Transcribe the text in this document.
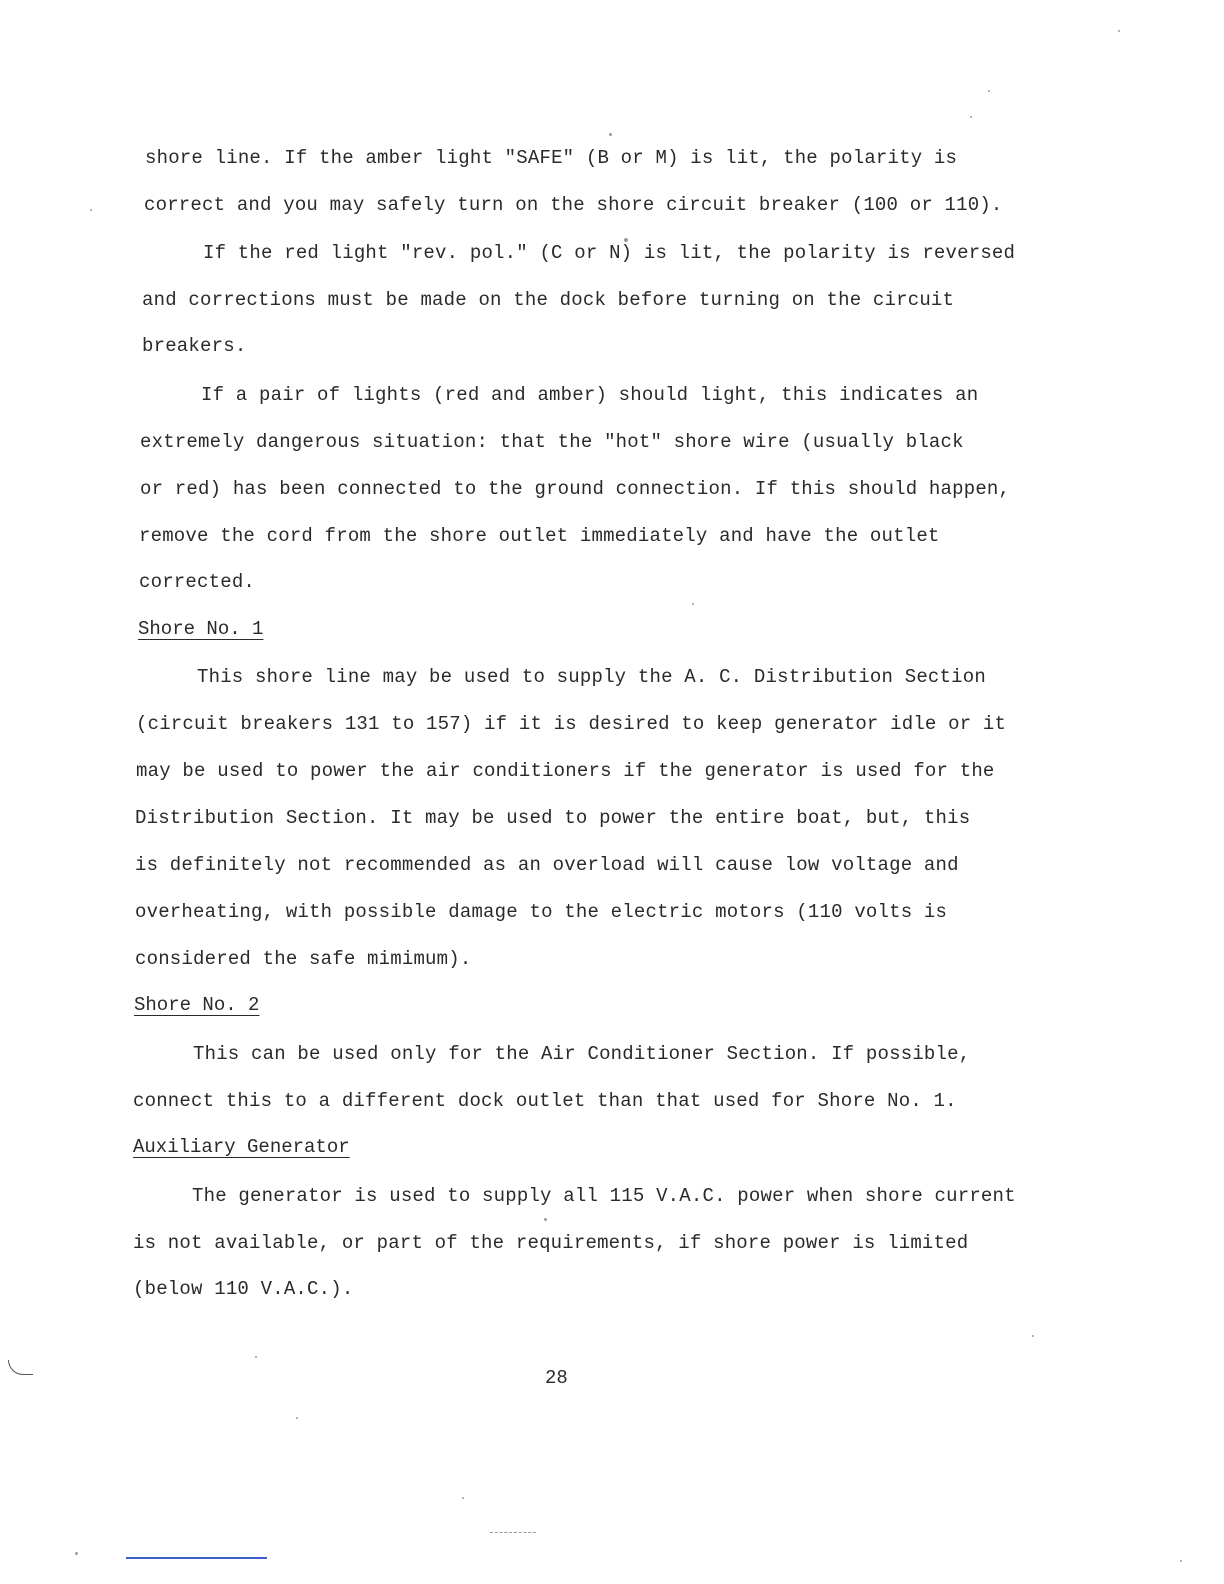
shore line. If the amber light "SAFE" (B or M) is lit, the polarity is
correct and you may safely turn on the shore circuit breaker (100 or 110).
If the red light "rev. pol." (C or N) is lit, the polarity is reversed
and corrections must be made on the dock before turning on the circuit
breakers.
If a pair of lights (red and amber) should light, this indicates an
extremely dangerous situation: that the "hot" shore wire (usually black
or red) has been connected to the ground connection. If this should happen,
remove the cord from the shore outlet immediately and have the outlet
corrected.
Shore No. 1
This shore line may be used to supply the A. C. Distribution Section
(circuit breakers 131 to 157) if it is desired to keep generator idle or it
may be used to power the air conditioners if the generator is used for the
Distribution Section. It may be used to power the entire boat, but, this
is definitely not recommended as an overload will cause low voltage and
overheating, with possible damage to the electric motors (110 volts is
considered the safe mimimum).
Shore No. 2
This can be used only for the Air Conditioner Section. If possible,
connect this to a different dock outlet than that used for Shore No. 1.
Auxiliary Generator
The generator is used to supply all 115 V.A.C. power when shore current
is not available, or part of the requirements, if shore power is limited
(below 110 V.A.C.).
28
